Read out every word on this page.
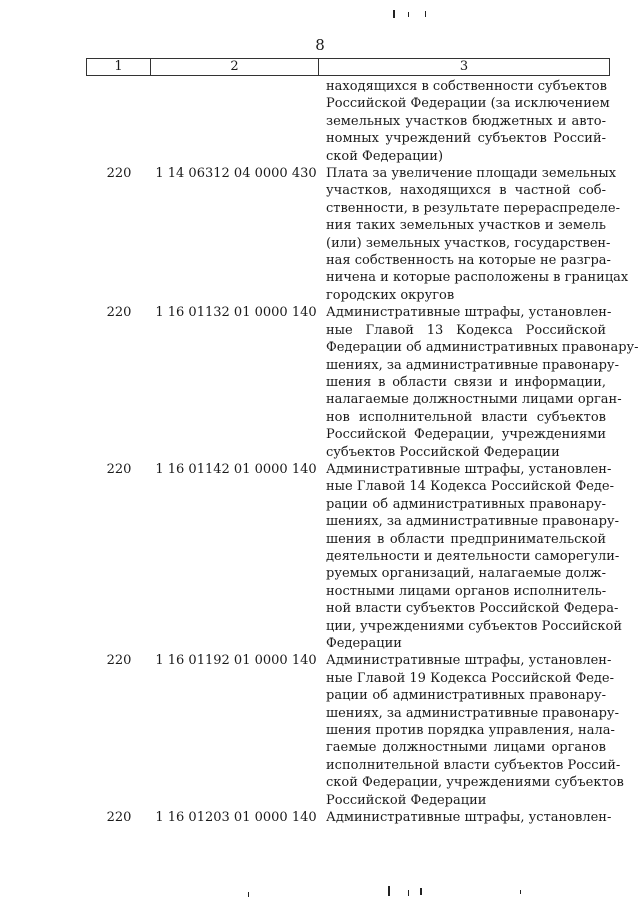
8
1	2	3
находящихся в собственности субъектов
Российской Федерации (за исключением
земельных участков бюджетных и авто-
номных учреждений субъектов Россий-
ской Федерации)
220	1 14 06312 04 0000 430 Плата за увеличение площади земельных
участков, находящихся в частной соб-
ственности, в результате перераспределе-
ния таких земельных участков и земель
(или) земельных участков, государствен-
ная собственность на которые не разгра-
ничена и которые расположены в границах
городских округов
220	1 16 01132 01 0000 140 Административные штрафы, установлен-
ные Главой 13 Кодекса Российской
Федерации об административных правонару-
шениях, за административные правонару-
шения в области связи и информации,
налагаемые должностными лицами орган-
нов исполнительной власти субъектов
Российской Федерации, учреждениями
субъектов Российской Федерации
220	1 16 01142 01 0000 140 Административные штрафы, установлен-
ные Главой 14 Кодекса Российской Феде-
рации об административных правонару-
шениях, за административные правонару-
шения в области предпринимательской
деятельности и деятельности саморегули-
руемых организаций, налагаемые долж-
ностными лицами органов исполнитель-
ной власти субъектов Российской Федера-
ции, учреждениями субъектов Российской
Федерации
220	1 16 01192 01 0000 140 Административные штрафы, установлен-
ные Главой 19 Кодекса Российской Феде-
рации об административных правонару-
шениях, за административные правонару-
шения против порядка управления, нала-
гаемые должностными лицами органов
исполнительной власти субъектов Россий-
ской Федерации, учреждениями субъектов
Российской Федерации
220	1 16 01203 01 0000 140 Административные штрафы, установлен-
